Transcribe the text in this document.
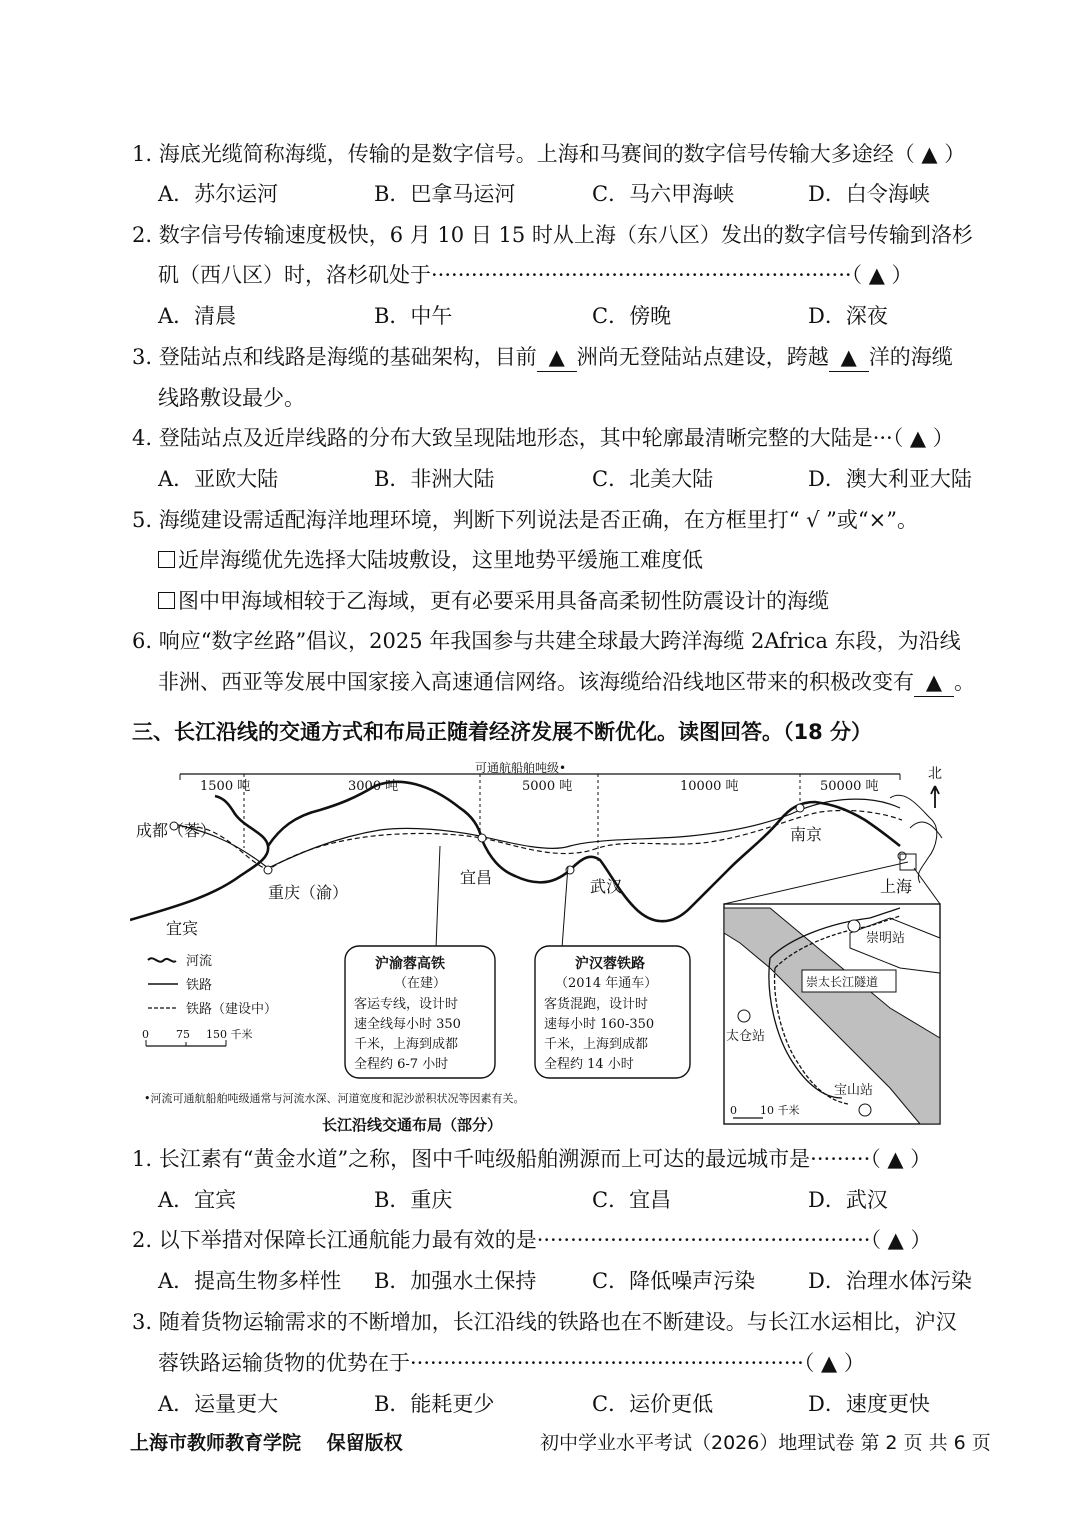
1. 海底光缆简称海缆，传输的是数字信号。上海和马赛间的数字信号传输大多途经（ ▲ ）
A．苏尔运河	B．巴拿马运河	C．马六甲海峡	D．白令海峡
2. 数字信号传输速度极快，6 月 10 日 15 时从上海（东八区）发出的数字信号传输到洛杉
矶（西八区）时，洛杉矶处于·······························································（ ▲ ）
A．清晨	B．中午	C．傍晚	D．深夜
3. 登陆站点和线路是海缆的基础架构，目前 ▲ 洲尚无登陆站点建设，跨越 ▲ 洋的海缆
线路敷设最少。
4. 登陆站点及近岸线路的分布大致呈现陆地形态，其中轮廓最清晰完整的大陆是···（ ▲ ）
A．亚欧大陆	B．非洲大陆	C．北美大陆	D．澳大利亚大陆
5. 海缆建设需适配海洋地理环境，判断下列说法是否正确，在方框里打“ √ ”或“×”。
近岸海缆优先选择大陆坡敷设，这里地势平缓施工难度低
图中甲海域相较于乙海域，更有必要采用具备高柔韧性防震设计的海缆
6. 响应“数字丝路”倡议，2025 年我国参与共建全球最大跨洋海缆 2Africa 东段，为沿线
非洲、西亚等发展中国家接入高速通信网络。该海缆给沿线地区带来的积极改变有 ▲ 。
三、长江沿线的交通方式和布局正随着经济发展不断优化。读图回答。（18 分）
可通航船舶吨级•
1500 吨	3000 吨	5000 吨	10000 吨	50000 吨
北
成都（蓉）
重庆（渝）
宜宾
宜昌	武汉
南京
上海
沪渝蓉高铁
（在建）
客运专线，设计时
速全线每小时 350
千米，上海到成都
全程约 6-7 小时
沪汉蓉铁路
（2014 年通车）
客货混跑，设计时
速每小时 160-350
千米，上海到成都
全程约 14 小时
河流
铁路
铁路（建设中）
0 75 150 千米
崇明站
崇太长江隧道
太仓站
宝山站
0 10 千米
•河流可通航船舶吨级通常与河流水深、河道宽度和泥沙淤积状况等因素有关。
长江沿线交通布局（部分）
1. 长江素有“黄金水道”之称，图中千吨级船舶溯源而上可达的最远城市是·········（ ▲ ）
A．宜宾	B．重庆	C．宜昌	D．武汉
2. 以下举措对保障长江通航能力最有效的是··················································（ ▲ ）
A．提高生物多样性 B．加强水土保持	C．降低噪声污染	D．治理水体污染
3. 随着货物运输需求的不断增加，长江沿线的铁路也在不断建设。与长江水运相比，沪汉
蓉铁路运输货物的优势在于···························································（ ▲ ）
A．运量更大	B．能耗更少	C．运价更低	D．速度更快
上海市教师教育学院　 保留版权	初中学业水平考试（2026）地理试卷 第 2 页 共 6 页
